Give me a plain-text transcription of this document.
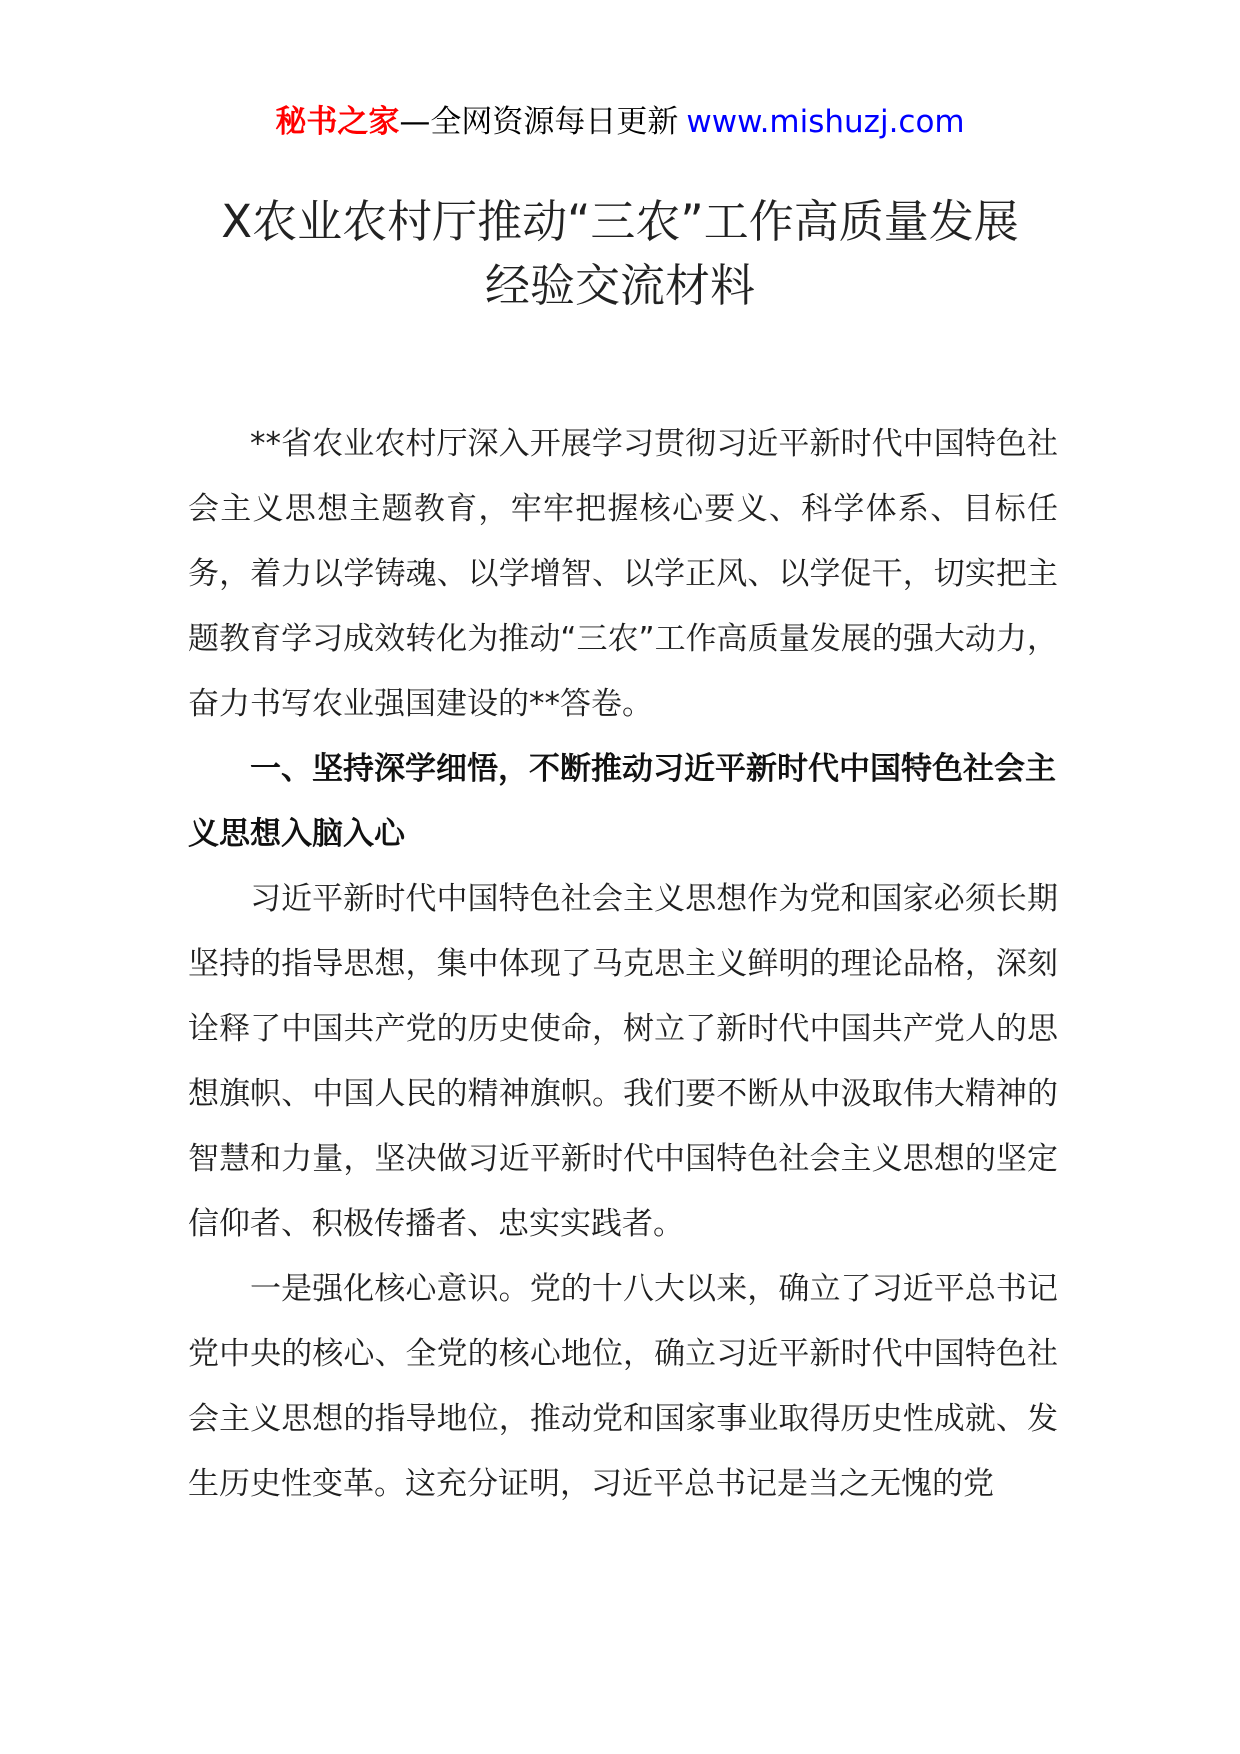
秘书之家—全网资源每日更新 www.mishuzj.com
X农业农村厅推动“三农”工作高质量发展
经验交流材料

**省农业农村厅深入开展学习贯彻习近平新时代中国特色社会主义思想主题教育，牢牢把握核心要义、科学体系、目标任务，着力以学铸魂、以学增智、以学正风、以学促干，切实把主题教育学习成效转化为推动“三农”工作高质量发展的强大动力，奋力书写农业强国建设的**答卷。

一、坚持深学细悟，不断推动习近平新时代中国特色社会主义思想入脑入心

习近平新时代中国特色社会主义思想作为党和国家必须长期坚持的指导思想，集中体现了马克思主义鲜明的理论品格，深刻诠释了中国共产党的历史使命，树立了新时代中国共产党人的思想旗帜、中国人民的精神旗帜。我们要不断从中汲取伟大精神的智慧和力量，坚决做习近平新时代中国特色社会主义思想的坚定信仰者、积极传播者、忠实实践者。

一是强化核心意识。党的十八大以来，确立了习近平总书记党中央的核心、全党的核心地位，确立习近平新时代中国特色社会主义思想的指导地位，推动党和国家事业取得历史性成就、发生历史性变革。这充分证明，习近平总书记是当之无愧的党
